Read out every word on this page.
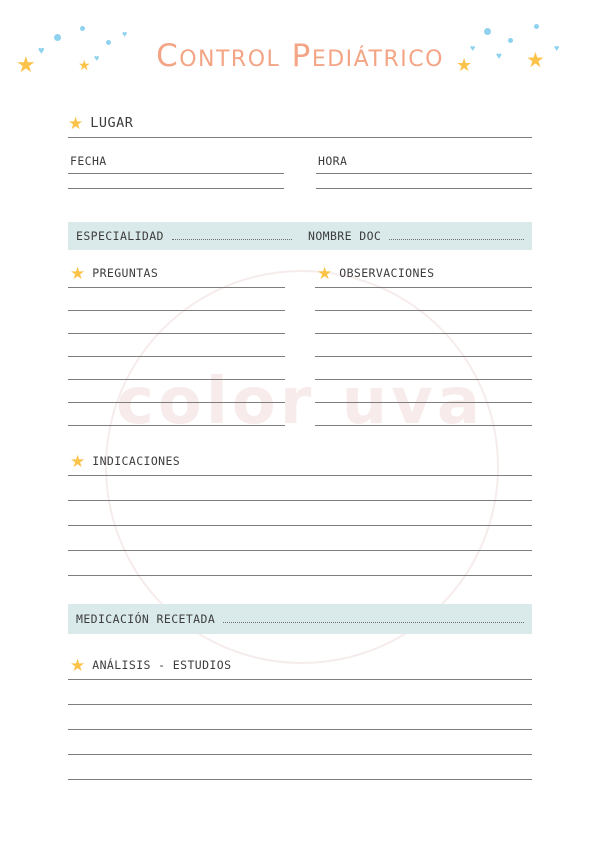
color uva
★	★
♥
♥
♥
Control Pediátrico ★	★
♥
♥
♥
★ LUGAR
FECHA	HORA
ESPECIALIDAD	NOMBRE DOC
★ PREGUNTAS	★ OBSERVACIONES
★ INDICACIONES
MEDICACIÓN RECETADA
★ ANÁLISIS - ESTUDIOS
